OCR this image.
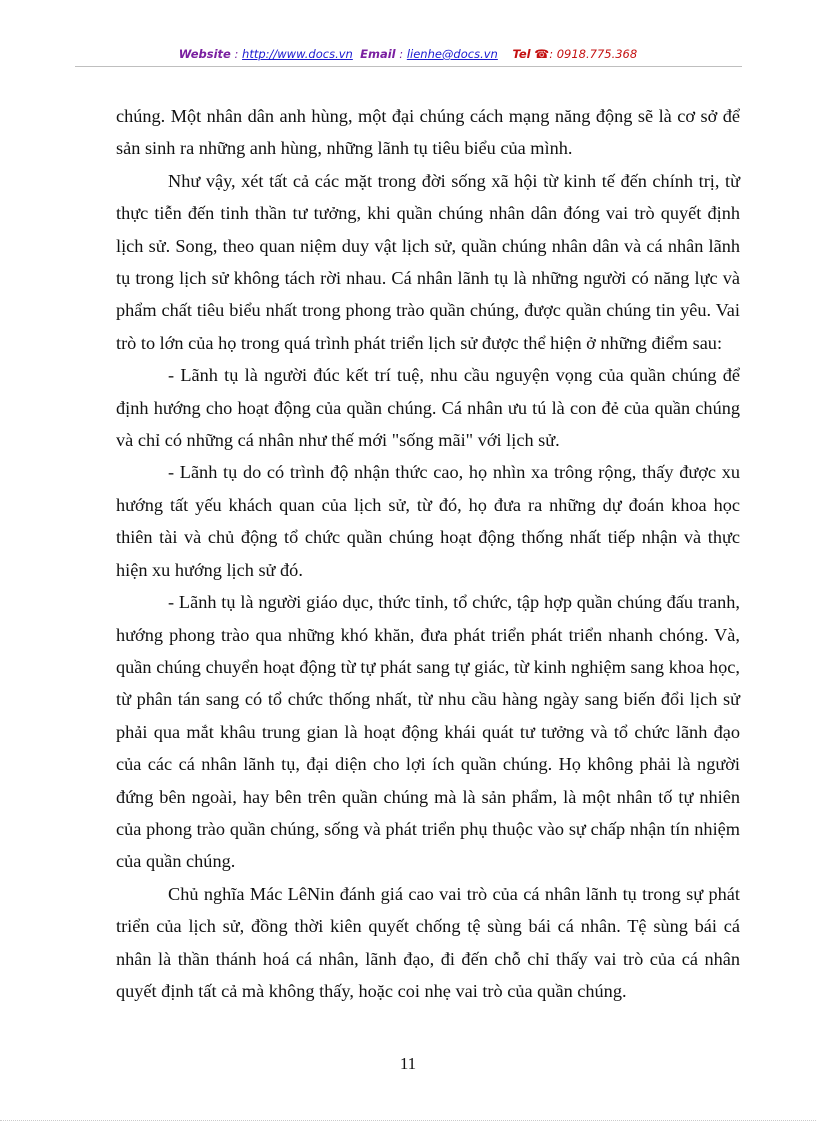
Website : http://www.docs.vn Email : lienhe@docs.vn Tel ☎: 0918.775.368

chúng. Một nhân dân anh hùng, một đại chúng cách mạng năng động sẽ là cơ sở để sản sinh ra những anh hùng, những lãnh tụ tiêu biểu của mình.

Như vậy, xét tất cả các mặt trong đời sống xã hội từ kinh tế đến chính trị, từ thực tiễn đến tinh thần tư tưởng, khi quần chúng nhân dân đóng vai trò quyết định lịch sử. Song, theo quan niệm duy vật lịch sử, quần chúng nhân dân và cá nhân lãnh tụ trong lịch sử không tách rời nhau. Cá nhân lãnh tụ là những người có năng lực và phẩm chất tiêu biểu nhất trong phong trào quần chúng, được quần chúng tin yêu. Vai trò to lớn của họ trong quá trình phát triển lịch sử được thể hiện ở những điểm sau:

- Lãnh tụ là người đúc kết trí tuệ, nhu cầu nguyện vọng của quần chúng để định hướng cho hoạt động của quần chúng. Cá nhân ưu tú là con đẻ của quần chúng và chỉ có những cá nhân như thế mới "sống mãi" với lịch sử.

- Lãnh tụ do có trình độ nhận thức cao, họ nhìn xa trông rộng, thấy được xu hướng tất yếu khách quan của lịch sử, từ đó, họ đưa ra những dự đoán khoa học thiên tài và chủ động tổ chức quần chúng hoạt động thống nhất tiếp nhận và thực hiện xu hướng lịch sử đó.

- Lãnh tụ là người giáo dục, thức tỉnh, tổ chức, tập hợp quần chúng đấu tranh, hướng phong trào qua những khó khăn, đưa phát triển phát triển nhanh chóng. Và, quần chúng chuyển hoạt động từ tự phát sang tự giác, từ kinh nghiệm sang khoa học, từ phân tán sang có tổ chức thống nhất, từ nhu cầu hàng ngày sang biến đổi lịch sử phải qua mắt khâu trung gian là hoạt động khái quát tư tưởng và tổ chức lãnh đạo của các cá nhân lãnh tụ, đại diện cho lợi ích quần chúng. Họ không phải là người đứng bên ngoài, hay bên trên quần chúng mà là sản phẩm, là một nhân tố tự nhiên của phong trào quần chúng, sống và phát triển phụ thuộc vào sự chấp nhận tín nhiệm của quần chúng.

Chủ nghĩa Mác LêNin đánh giá cao vai trò của cá nhân lãnh tụ trong sự phát triển của lịch sử, đồng thời kiên quyết chống tệ sùng bái cá nhân. Tệ sùng bái cá nhân là thần thánh hoá cá nhân, lãnh đạo, đi đến chỗ chỉ thấy vai trò của cá nhân quyết định tất cả mà không thấy, hoặc coi nhẹ vai trò của quần chúng.

11
